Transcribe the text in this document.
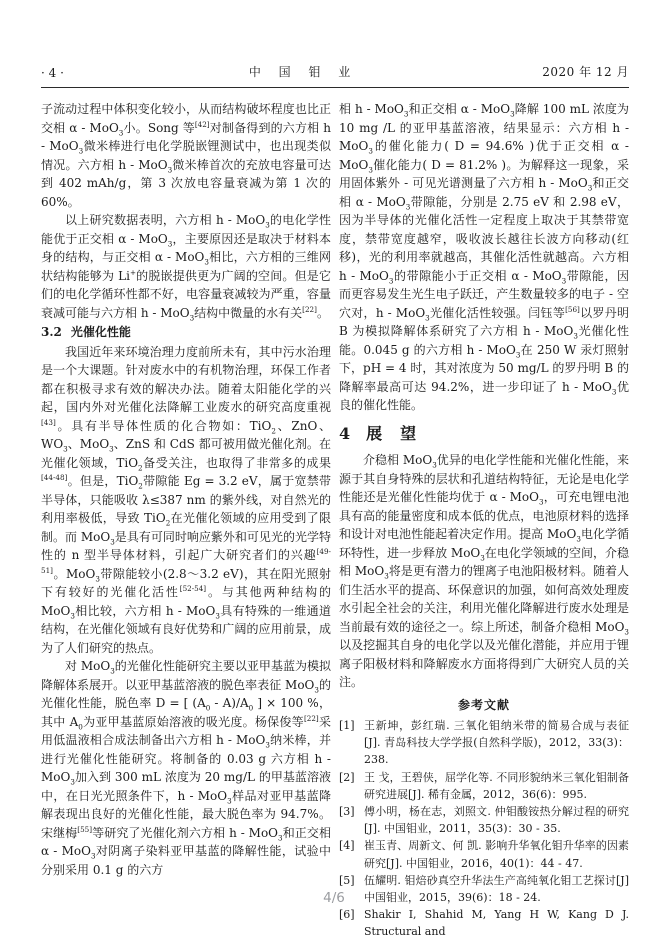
· 4 ·	中 国 钼 业	2020 年 12 月

子流动过程中体积变化较小，从而结构破坏程度也比正交相 α - MoO$_3$小。Song 等[42]对制备得到的六方相 h - MoO$_3$微米棒进行电化学脱嵌锂测试中，也出现类似情况。六方相 h - MoO$_3$微米棒首次的充放电容量可达到 402 mAh/g，第 3 次放电容量衰减为第 1 次的 60%。

以上研究数据表明，六方相 h - MoO$_3$的电化学性能优于正交相 α - MoO$_3$，主要原因还是取决于材料本身的结构，与正交相 α - MoO$_3$相比，六方相的三维网状结构能够为 Li+的脱嵌提供更为广阔的空间。但是它们的电化学循环性都不好，电容量衰减较为严重，容量衰减可能与六方相 h - MoO$_3$结构中微量的水有关[22]。

3.2 光催化性能

我国近年来环境治理力度前所未有，其中污水治理是一个大课题。针对废水中的有机物治理，环保工作者都在积极寻求有效的解决办法。随着太阳能化学的兴起，国内外对光催化法降解工业废水的研究高度重视[43]。具有半导体性质的化合物如：TiO$_2$、ZnO、$WO_3$、MoO$_3$、ZnS 和 CdS 都可被用做光催化剂。在光催化领域，TiO$_2$备受关注，也取得了非常多的成果[44-48]。但是，TiO$_2$带隙能 Eg = 3.2 eV，属于宽禁带半导体，只能吸收 λ≤387 nm 的紫外线，对自然光的利用率极低，导致 TiO$_2$在光催化领域的应用受到了限制。而 MoO$_3$是具有可同时响应紫外和可见光的光学特性的 n 型半导体材料，引起广大研究者们的兴趣[49-51]。MoO$_3$带隙能较小(2.8～3.2 eV)，其在阳光照射下有较好的光催化活性[52-54]。与其他两种结构的 MoO$_3$相比较，六方相 h - MoO$_3$具有特殊的一维通道结构，在光催化领域有良好优势和广阔的应用前景，成为了人们研究的热点。

对 MoO$_3$的光催化性能研究主要以亚甲基蓝为模拟降解体系展开。以亚甲基蓝溶液的脱色率表征 MoO$_3$的光催化性能，脱色率 D = [ $(A_0 - A)/A_0$ ] × 100 %，其中 $A_0$为亚甲基蓝原始溶液的吸光度。杨保俊等[22]采用低温液相合成法制备出六方相 h - MoO$_3$纳米棒，并进行光催化性能研究。将制备的 0.03 g 六方相 h - MoO$_3$加入到 300 mL 浓度为 20 mg/L 的甲基蓝溶液中，在日光光照条件下，h - MoO$_3$样品对亚甲基蓝降解表现出良好的光催化性能，最大脱色率为 94.7%。宋继梅[55]等研究了光催化剂六方相 h - MoO$_3$和正交相 α - MoO$_3$对阴离子染料亚甲基蓝的降解性能，试验中分别采用 0.1 g 的六方

相 h - MoO$_3$和正交相 α - MoO$_3$降解 100 mL 浓度为 10 mg /L 的亚甲基蓝溶液，结果显示：六方相 h - MoO$_3$的催化能力( D = 94.6% )优于正交相 α - MoO$_3$催化能力( D = 81.2% )。为解释这一现象，采用固体紫外 - 可见光谱测量了六方相 h - MoO$_3$和正交相 α - MoO$_3$带隙能，分别是 2.75 eV 和 2.98 eV，因为半导体的光催化活性一定程度上取决于其禁带宽度，禁带宽度越窄，吸收波长越往长波方向移动(红移)，光的利用率就越高，其催化活性就越高。六方相 h - MoO$_3$的带隙能小于正交相 α - MoO$_3$带隙能，因而更容易发生光生电子跃迁，产生数量较多的电子 - 空穴对，h - MoO$_3$光催化活性较强。闫钰等[56]以罗丹明 B 为模拟降解体系研究了六方相 h - MoO$_3$光催化性能。0.045 g 的六方相 h - MoO$_3$在 250 W 汞灯照射下，pH = 4 时，其对浓度为 50 mg/L 的罗丹明 B 的降解率最高可达 94.2%，进一步印证了 h - MoO$_3$优良的催化性能。

4 展　望

介稳相 MoO$_3$优异的电化学性能和光催化性能，来源于其自身特殊的层状和孔道结构特征，无论是电化学性能还是光催化性能均优于 α - MoO$_3$，可充电锂电池具有高的能量密度和成本低的优点，电池原材料的选择和设计对电池性能起着决定作用。提高 MoO$_3$电化学循环特性，进一步释放 MoO$_3$在电化学领域的空间，介稳相 MoO$_3$将是更有潜力的锂离子电池阳极材料。随着人们生活水平的提高、环保意识的加强，如何高效处理废水引起全社会的关注，利用光催化降解进行废水处理是当前最有效的途径之一。综上所述，制备介稳相 MoO$_3$以及挖掘其自身的电化学以及光催化潜能，并应用于锂离子阳极材料和降解废水方面将得到广大研究人员的关注。

参考文献
[1] 王新坤，彭红瑞. 三氧化钼纳米带的简易合成与表征[J]. 青岛科技大学学报(自然科学版)，2012，33(3)：238.
[2] 王 戈，王碧侠，屈学化等. 不同形貌纳米三氧化钼制备研究进展[J]. 稀有金属，2012，36(6)：995.
[3] 傅小明，杨在志，刘照文. 仲钼酸铵热分解过程的研究[J]. 中国钼业，2011，35(3)：30 - 35.
[4] 崔玉青、周新文、何 凯. 影响升华氧化钼升华率的因素研究[J]. 中国钼业，2016，40(1)：44 - 47.
[5] 伍耀明. 钼焙砂真空升华法生产高纯氧化钼工艺探讨[J]中国钼业，2015，39(6)：18 - 24.
[6] Shakir I, Shahid M, Yang H W, Kang D J. Structural and
4/6
